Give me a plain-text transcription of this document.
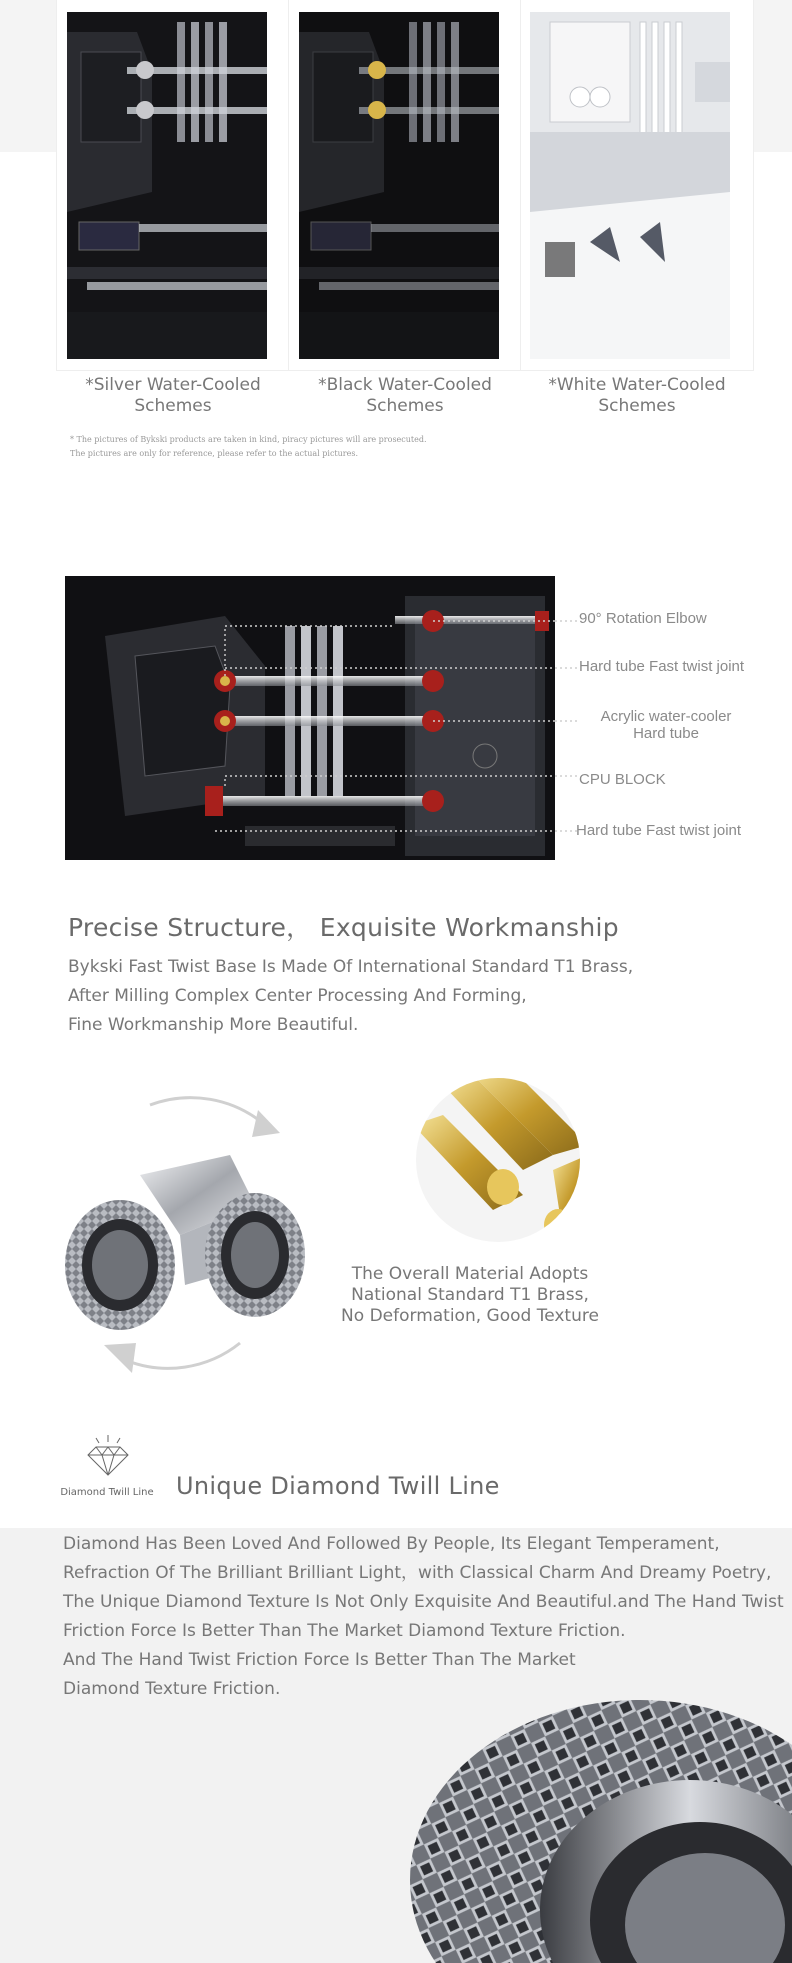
*Silver Water-Cooled
Schemes
*Black Water-Cooled
Schemes
*White Water-Cooled
Schemes
* The pictures of Bykski products are taken in kind, piracy pictures will are prosecuted.
The pictures are only for reference, please refer to the actual pictures.
90° Rotation Elbow
Hard tube Fast twist joint
Acrylic water-cooler
Hard tube
CPU BLOCK
Hard tube Fast twist joint
Precise Structure， Exquisite Workmanship
Bykski Fast Twist Base Is Made Of International Standard T1 Brass,
After Milling Complex Center Processing And Forming,
Fine Workmanship More Beautiful.
The Overall Material Adopts
National Standard T1 Brass,
No Deformation, Good Texture
Diamond Twill Line Unique Diamond Twill Line
Diamond Has Been Loved And Followed By People, Its Elegant Temperament,
Refraction Of The Brilliant Brilliant Light，with Classical Charm And Dreamy Poetry,
The Unique Diamond Texture Is Not Only Exquisite And Beautiful.and The Hand Twist
Friction Force Is Better Than The Market Diamond Texture Friction.
And The Hand Twist Friction Force Is Better Than The Market
Diamond Texture Friction.
